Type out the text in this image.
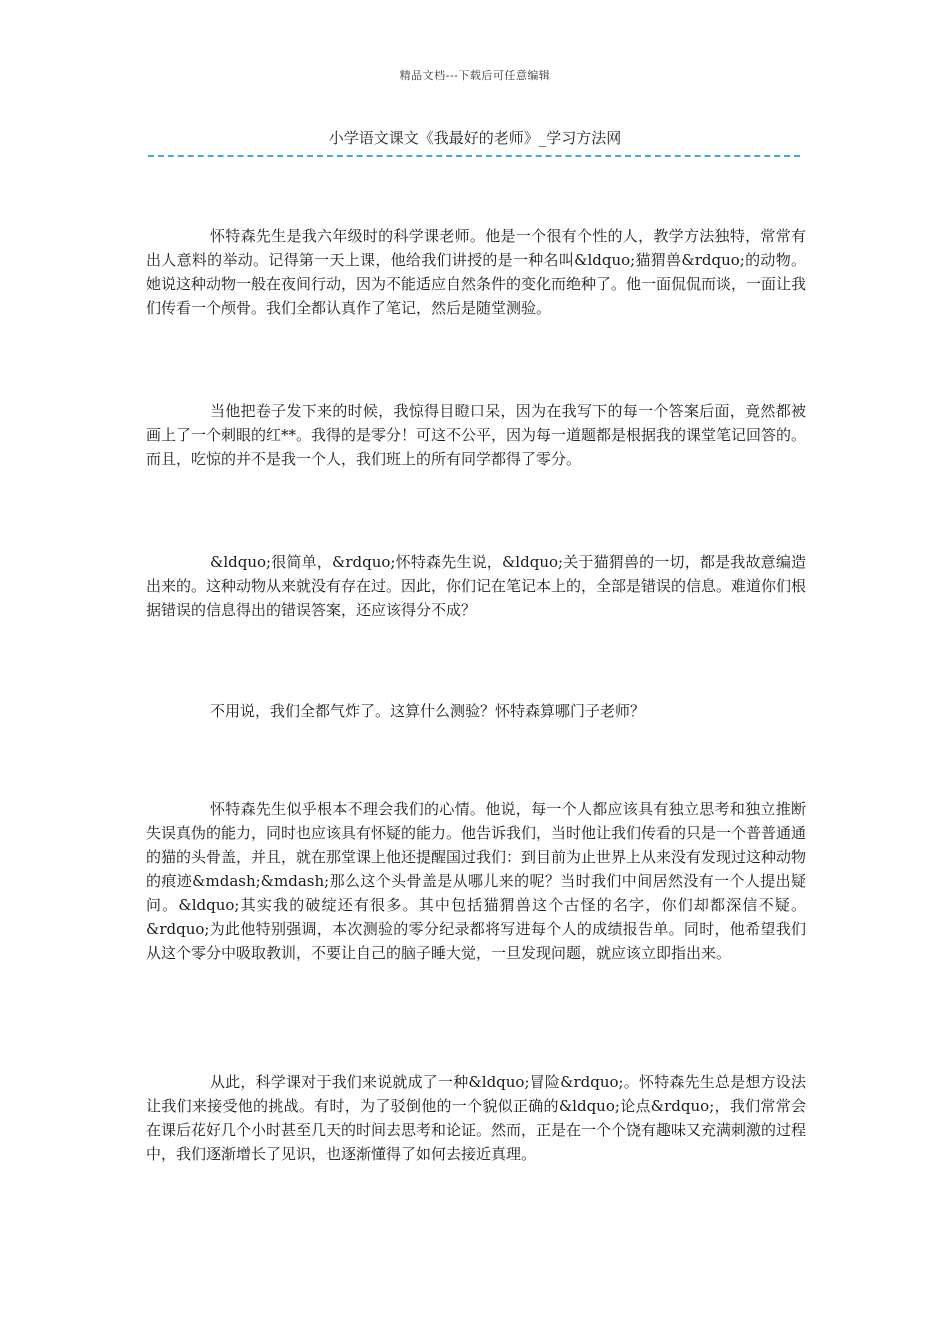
精品文档---下载后可任意编辑
小学语文课文《我最好的老师》_学习方法网

怀特森先生是我六年级时的科学课老师。他是一个很有个性的人，教学方法独特，常常有出人意料的举动。记得第一天上课，他给我们讲授的是一种名叫&ldquo;猫猬兽&rdquo;的动物。她说这种动物一般在夜间行动，因为不能适应自然条件的变化而绝种了。他一面侃侃而谈，一面让我们传看一个颅骨。我们全都认真作了笔记，然后是随堂测验。

当他把卷子发下来的时候，我惊得目瞪口呆，因为在我写下的每一个答案后面，竟然都被画上了一个刺眼的红**。我得的是零分！可这不公平，因为每一道题都是根据我的课堂笔记回答的。而且，吃惊的并不是我一个人，我们班上的所有同学都得了零分。

&ldquo;很简单，&rdquo;怀特森先生说，&ldquo;关于猫猬兽的一切，都是我故意编造出来的。这种动物从来就没有存在过。因此，你们记在笔记本上的，全部是错误的信息。难道你们根据错误的信息得出的错误答案，还应该得分不成？

不用说，我们全都气炸了。这算什么测验？怀特森算哪门子老师？

怀特森先生似乎根本不理会我们的心情。他说，每一个人都应该具有独立思考和独立推断失误真伪的能力，同时也应该具有怀疑的能力。他告诉我们，当时他让我们传看的只是一个普普通通的猫的头骨盖，并且，就在那堂课上他还提醒国过我们：到目前为止世界上从来没有发现过这种动物的痕迹&mdash;&mdash;那么这个头骨盖是从哪儿来的呢？当时我们中间居然没有一个人提出疑问。&ldquo;其实我的破绽还有很多。其中包括猫猬兽这个古怪的名字，你们却都深信不疑。&rdquo;为此他特别强调，本次测验的零分纪录都将写进每个人的成绩报告单。同时，他希望我们从这个零分中吸取教训，不要让自己的脑子睡大觉，一旦发现问题，就应该立即指出来。

从此，科学课对于我们来说就成了一种&ldquo;冒险&rdquo;。怀特森先生总是想方设法让我们来接受他的挑战。有时，为了驳倒他的一个貌似正确的&ldquo;论点&rdquo;，我们常常会在课后花好几个小时甚至几天的时间去思考和论证。然而，正是在一个个饶有趣味又充满刺激的过程中，我们逐渐增长了见识，也逐渐懂得了如何去接近真理。
